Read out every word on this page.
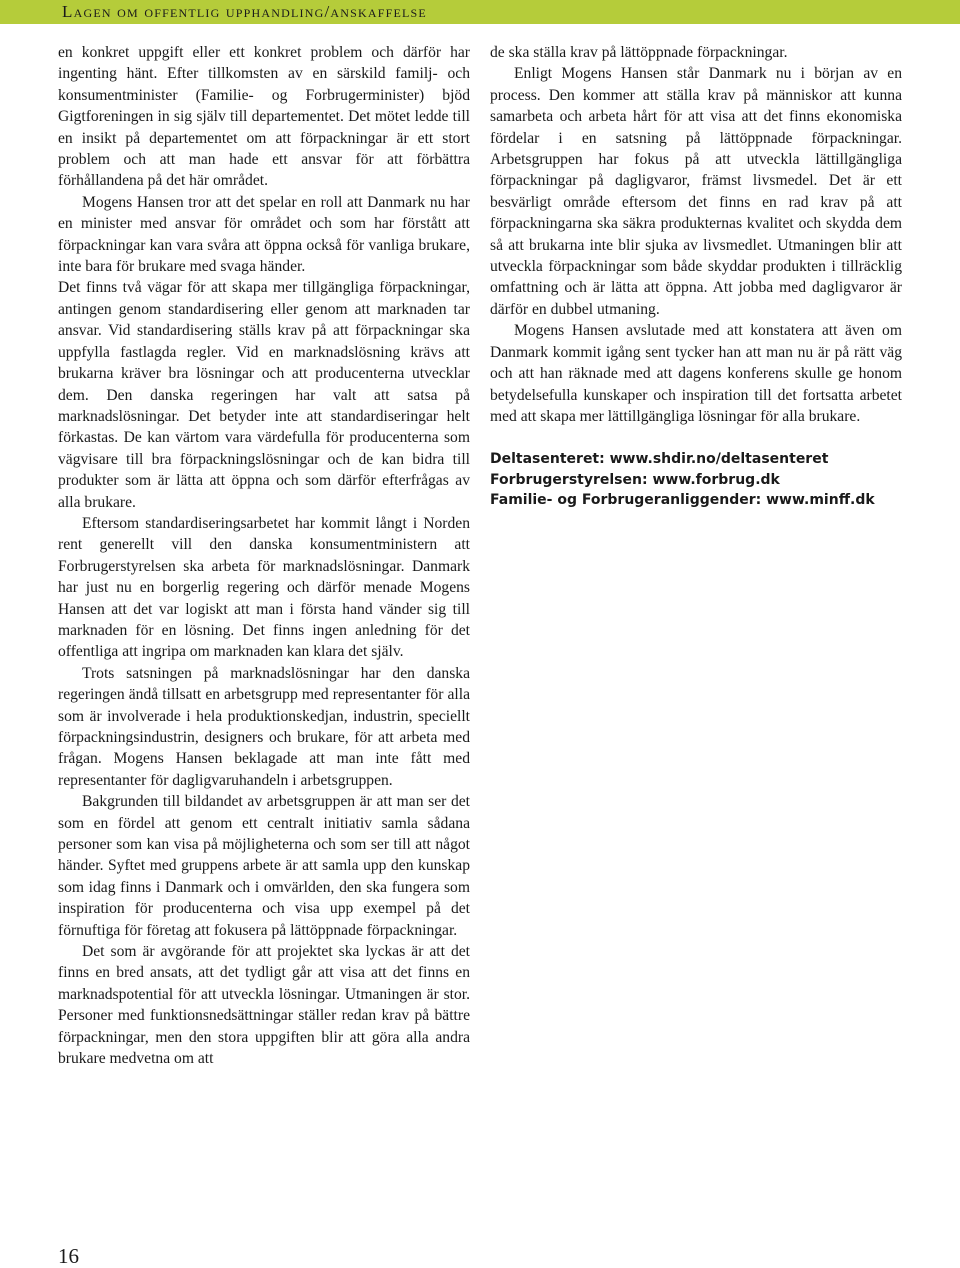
Lagen om offentlig upphandling/anskaffelse

en konkret uppgift eller ett konkret problem och därför har ingenting hänt. Efter tillkomsten av en särskild familj- och konsumentminister (Familie- og Forbrugerminister) bjöd Gigtforeningen in sig själv till departementet. Det mötet ledde till en insikt på departementet om att förpackningar är ett stort problem och att man hade ett ansvar för att förbättra förhållandena på det här området.

Mogens Hansen tror att det spelar en roll att Danmark nu har en minister med ansvar för området och som har förstått att förpackningar kan vara svåra att öppna också för vanliga brukare, inte bara för brukare med svaga händer.

Det finns två vägar för att skapa mer tillgängliga förpackningar, antingen genom standardisering eller genom att marknaden tar ansvar. Vid standardisering ställs krav på att förpackningar ska uppfylla fastlagda regler. Vid en marknadslösning krävs att brukarna kräver bra lösningar och att producenterna utvecklar dem. Den danska regeringen har valt att satsa på marknadslösningar. Det betyder inte att standardiseringar helt förkastas. De kan värtom vara värdefulla för producenterna som vägvisare till bra förpackningslösningar och de kan bidra till produkter som är lätta att öppna och som därför efterfrågas av alla brukare.

Eftersom standardiseringsarbetet har kommit långt i Norden rent generellt vill den danska konsumentministern att Forbrugerstyrelsen ska arbeta för marknadslösningar. Danmark har just nu en borgerlig regering och därför menade Mogens Hansen att det var logiskt att man i första hand vänder sig till marknaden för en lösning. Det finns ingen anledning för det offentliga att ingripa om marknaden kan klara det själv.

Trots satsningen på marknadslösningar har den danska regeringen ändå tillsatt en arbetsgrupp med representanter för alla som är involverade i hela produktionskedjan, industrin, speciellt förpackningsindustrin, designers och brukare, för att arbeta med frågan. Mogens Hansen beklagade att man inte fått med representanter för dagligvaruhandeln i arbetsgruppen.

Bakgrunden till bildandet av arbetsgruppen är att man ser det som en fördel att genom ett centralt initiativ samla sådana personer som kan visa på möjligheterna och som ser till att något händer. Syftet med gruppens arbete är att samla upp den kunskap som idag finns i Danmark och i omvärlden, den ska fungera som inspiration för producenterna och visa upp exempel på det förnuftiga för företag att fokusera på lättöppnade förpackningar.

Det som är avgörande för att projektet ska lyckas är att det finns en bred ansats, att det tydligt går att visa att det finns en marknadspotential för att utveckla lösningar. Utmaningen är stor. Personer med funktionsnedsättningar ställer redan krav på bättre förpackningar, men den stora uppgiften blir att göra alla andra brukare medvetna om att

de ska ställa krav på lättöppnade förpackningar.

Enligt Mogens Hansen står Danmark nu i början av en process. Den kommer att ställa krav på människor att kunna samarbeta och arbeta hårt för att visa att det finns ekonomiska fördelar i en satsning på lättöppnade förpackningar. Arbetsgruppen har fokus på att utveckla lättillgängliga förpackningar på dagligvaror, främst livsmedel. Det är ett besvärligt område eftersom det finns en rad krav på att förpackningarna ska säkra produkternas kvalitet och skydda dem så att brukarna inte blir sjuka av livsmedlet. Utmaningen blir att utveckla förpackningar som både skyddar produkten i tillräcklig omfattning och är lätta att öppna. Att jobba med dagligvaror är därför en dubbel utmaning.

Mogens Hansen avslutade med att konstatera att även om Danmark kommit igång sent tycker han att man nu är på rätt väg och att han räknade med att dagens konferens skulle ge honom betydelsefulla kunskaper och inspiration till det fortsatta arbetet med att skapa mer lättillgängliga lösningar för alla brukare.

Deltasenteret: www.shdir.no/deltasenteret
Forbrugerstyrelsen: www.forbrug.dk
Familie- og Forbrugeranliggender: www.minff.dk
16
